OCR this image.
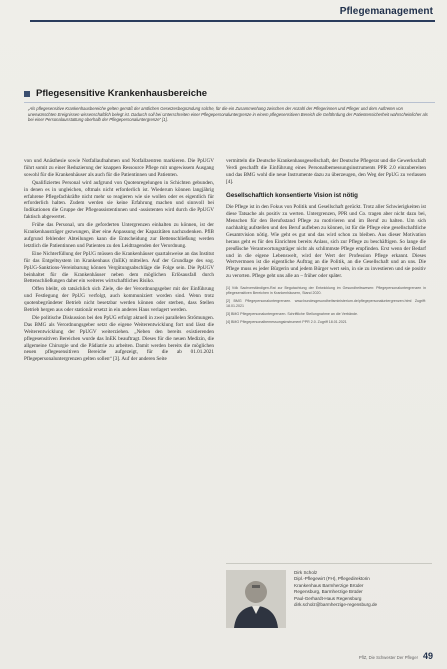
Pflegemanagement
Pflegesensitive Krankenhausbereiche
„Als pflegesensitive Krankenhausbereiche gelten gemäß der amtlichen Gesetzesbegründung solche, für die ein Zusammenhang zwischen der Anzahl der Pflegerinnen und Pfleger und dem Auftreten von unerwünschten Ereignissen wissenschaftlich belegt ist. Dadurch soll bei Unterschreiten einer Pflegepersonaluntergrenze in einem pflegesensitiven Bereich die Gefährdung der Patientensicherheit wahrscheinlicher als bei einer Personalausstattung oberhalb der Pflegepersonaluntergrenze“ [1].

von und Anästhesie sowie Notfallaufnahmen und Notfallzentren markieren. Die PpUGV führt somit zu einer Reduzierung der knappen Ressource Pflege mit ungewissem Ausgang sowohl für die Krankenhäuser als auch für die Patientinnen und Patienten.

Qualifiziertes Personal wird aufgrund von Quotenregelungen in Schichten gebunden, in denen es in ungleichen, oftmals nicht erforderlich ist. Wiederum können langjährig erfahrene Pflegefachkräfte nicht mehr so reagieren wie sie wollen oder es eigentlich für erforderlich halten. Zudem werden sie keine Erfahrung machen und sinnvoll bei Indikationen die Gruppe der Pflegeassistentinnen und -assistenten wird durch die PpUGV faktisch abgewertet.

Frühe das Personal, um die geforderten Untergrenzen einhalten zu können, ist der Krankenhausträger gezwungen, über eine Anpassung der Kapazitäten nachzudenken. PflB aufgrund fehlender Abteilungen kann die Entscheidung zur Bettenschließung werden letztlich die Patientinnen und Patienten zu den Leidtragenden der Verordnung.

Eine Nichterfüllung der PpUG müssen die Krankenhäuser quartalsweise an das Institut für das Entgeltsystem im Krankenhaus (InEK) mitteilen. Auf der Grundlage des sog. PpUG-Sanktions-Vereinbarung können Vergütungsabschläge die Folge sein. Die PpUGV beinhaltet für die Krankenhäuser neben dem möglichen Erlösausfall durch Bettenschließungen daher ein weiteres wirtschaftliches Risiko.

Offen bleibt, ob tatsächlich sich Ziele, die der Verordnungsgeber mit der Einführung und Festlegung der PpUG verfolgt, auch kommuniziert worden sind. Wenn trotz quotenbegründeter Betrieb nicht besetzbar werden können oder sterben, dass Stellen Betrieb hergen aus oder stationär ersetzt in ein anderes Haus verlagert werden.

Die politische Diskussion bei den PpUG erfolgt aktuell in zwei parallelen Strömungen. Das BMG als Verordnungsgeber setzt die eigene Weiterentwicklung fort und lässt die Weiterentwicklung der PpUGV weiterziehen. „Neben den bereits existierenden pflegesensitiven Bereichen wurde das InEK beauftragt. Dieses für die neuen Medizin, die allgemeine Chirurgie und die Pädiatrie zu arbeiten. Damit werden bereits die möglichen neuen pflegesensitiven Bereiche aufgezeigt, für die ab 01.01.2021 Pflegepersonaluntergrenzen gelten sollen“ [3]. Auf der anderen Seite

vermitteln die Deutsche Krankenhausgesellschaft, der Deutsche Pflegerat und die Gewerkschaft Verdi geschafft die Einführung eines Personalbemessungsinstruments PPR 2.0 einzubereiten und das BMG wohl die neue Instrumente dazu zu überzeugen, den Weg der PpUG zu verlassen [4].

Gesellschaftlich konsentierte Vision ist nötig

Die Pflege ist in den Fokus von Politik und Gesellschaft gerückt. Trotz aller Schwierigkeiten ist diese Tatsache als positiv zu werten. Untergrenzen, PPR und Co. tragen aber nicht dazu bei, Menschen für den Berufsstand Pflege zu motivieren und im Beruf zu halten. Um sich nachhaltig aufstellen und den Beruf aufleben zu können, ist für die Pflege eine gesellschaftliche Gesamtvision nötig. Wie geht es gut und das wird schon zu bleiben. Aus dieser Motivation heraus geht es für den Einrichten bereits Anlass, sich zur Pflege zu beschäftigen. So lange die preußische Verantwortungsträger nicht als schlimmste Pflege empfinden. Erst wenn der Bedarf und in die eigene Lebenswelt, wird der Wert der Profession Pflege erkannt. Dieses Wertvermoen ist die eigentliche Auftrag an die Politik, an die Gesellschaft und an uns. Die Pflege muss es jeder Bürgerin und jedem Bürger wert sein, in sie zu investieren und sie positiv zu verorten. Pflege geht uns alle an – früher oder später.

[1] Vdk Sachverständigen-Rat zur Begutachtung der Entwicklung im Gesundheitswesen: Pflegepersonaluntergrenzen in pflegesensitiven Bereichen in Krankenhäusern, Stand 2020.
[2] BMG Pflegepersonaluntergrenzen. www.bundesgesundheitsministerium.de/pflegepersonaluntergrenzen.html Zugriff: 18.01.2021
[3] BMG Pflegepersonaluntergrenzen. Schriftliche Stellungnahme an die Verbände.
[4] BMG Pflegepersonalbemessungsinstrument PPR 2.0. Zugriff 18.01.2021
Dirk Scholz
Dipl.-Pflegewirt (FH), Pflegedirektorin
Krankenhaus Barmherzige Brüder
Regensburg, Barmherzige Brüder
Paul-Gerhardt-Haus Regensburg
dirk.scholz@barmherzige-regensburg.de
PflZ, Die Schwester Der Pfleger 49
